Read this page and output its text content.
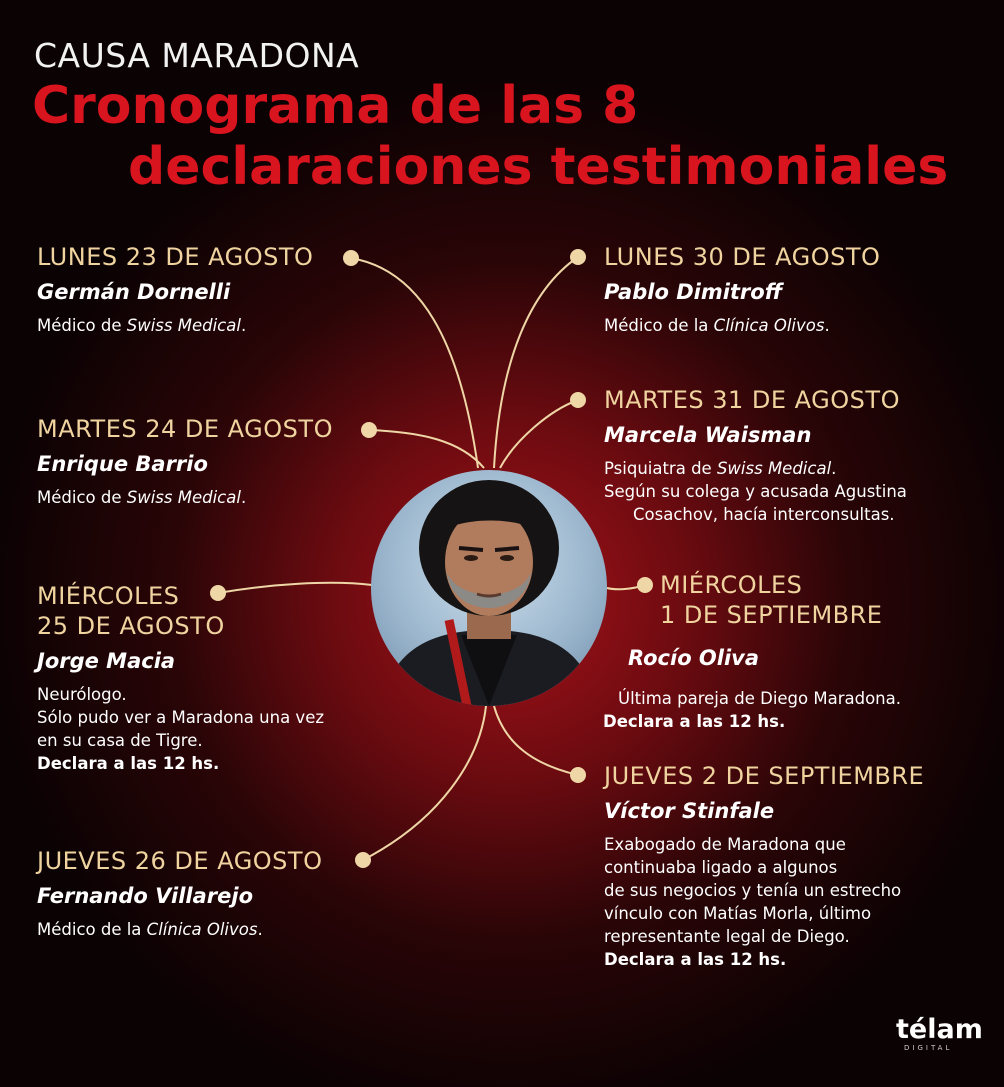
CAUSA MARADONA
Cronograma de las 8
declaraciones testimoniales
LUNES 23 DE AGOSTO
Germán Dornelli
Médico de Swiss Medical.
MARTES 24 DE AGOSTO
Enrique Barrio
Médico de Swiss Medical.
MIÉRCOLES
25 DE AGOSTO
Jorge Macia
Neurólogo.
Sólo pudo ver a Maradona una vez
en su casa de Tigre.
Declara a las 12 hs.
JUEVES 26 DE AGOSTO
Fernando Villarejo
Médico de la Clínica Olivos.
LUNES 30 DE AGOSTO
Pablo Dimitroff
Médico de la Clínica Olivos.
MARTES 31 DE AGOSTO
Marcela Waisman
Psiquiatra de Swiss Medical.
Según su colega y acusada Agustina
Cosachov, hacía interconsultas.
MIÉRCOLES
1 DE SEPTIEMBRE
Rocío Oliva
Última pareja de Diego Maradona.
Declara a las 12 hs.
JUEVES 2 DE SEPTIEMBRE
Víctor Stinfale
Exabogado de Maradona que
continuaba ligado a algunos
de sus negocios y tenía un estrecho
vínculo con Matías Morla, último
representante legal de Diego.
Declara a las 12 hs.
télam
DIGITAL
